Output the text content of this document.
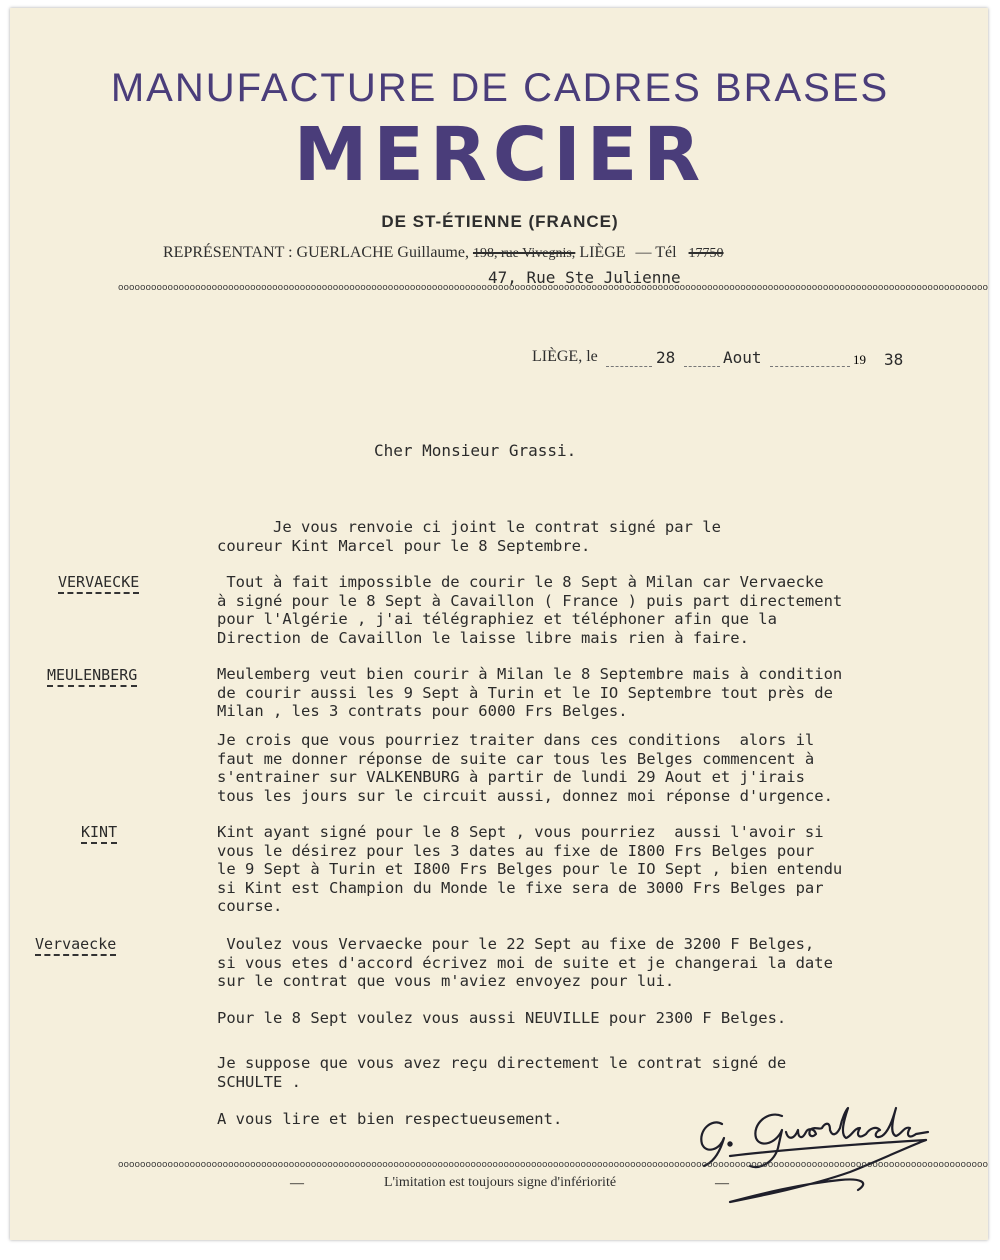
MANUFACTURE DE CADRES BRASES
MERCIER
DE ST-ÉTIENNE (FRANCE)
REPRÉSENTANT : GUERLACHE Guillaume, 198, rue Vivegnis, LIÈGE — Tél 17750
47, Rue Ste Julienne
oooooooooooooooooooooooooooooooooooooooooooooooooooooooooooooooooooooooooooooooooooooooooooooooooooooooooooooooooooooooooooooooooooooooooooooooooooooooooooooo
LIÈGE, le	28	Aout	19 38
Cher Monsieur Grassi.
Je vous renvoie ci joint le contrat signé par le
coureur Kint Marcel pour le 8 Septembre.
VERVAECKE	Tout à fait impossible de courir le 8 Sept à Milan car Vervaecke
à signé pour le 8 Sept à Cavaillon ( France ) puis part directement
pour l'Algérie , j'ai télégraphiez et téléphoner afin que la
Direction de Cavaillon le laisse libre mais rien à faire.
MEULENBERG	Meulemberg veut bien courir à Milan le 8 Septembre mais à condition
de courir aussi les 9 Sept à Turin et le IO Septembre tout près de
Milan , les 3 contrats pour 6000 Frs Belges.
Je crois que vous pourriez traiter dans ces conditions  alors il
faut me donner réponse de suite car tous les Belges commencent à
s'entrainer sur VALKENBURG à partir de lundi 29 Aout et j'irais
tous les jours sur le circuit aussi, donnez moi réponse d'urgence.
KINT	Kint ayant signé pour le 8 Sept , vous pourriez  aussi l'avoir si
vous le désirez pour les 3 dates au fixe de I800 Frs Belges pour
le 9 Sept à Turin et I800 Frs Belges pour le IO Sept , bien entendu
si Kint est Champion du Monde le fixe sera de 3000 Frs Belges par
course.
Vervaecke	Voulez vous Vervaecke pour le 22 Sept au fixe de 3200 F Belges,
si vous etes d'accord écrivez moi de suite et je changerai la date
sur le contrat que vous m'aviez envoyez pour lui.
Pour le 8 Sept voulez vous aussi NEUVILLE pour 2300 F Belges.
Je suppose que vous avez reçu directement le contrat signé de
SCHULTE .
A vous lire et bien respectueusement.
oooooooooooooooooooooooooooooooooooooooooooooooooooooooooooooooooooooooooooooooooooooooooooooooooooooooooooooooooooooooooooooooooooooooooooooooooooooooooooooo
—	L'imitation est toujours signe d'infériorité	—
